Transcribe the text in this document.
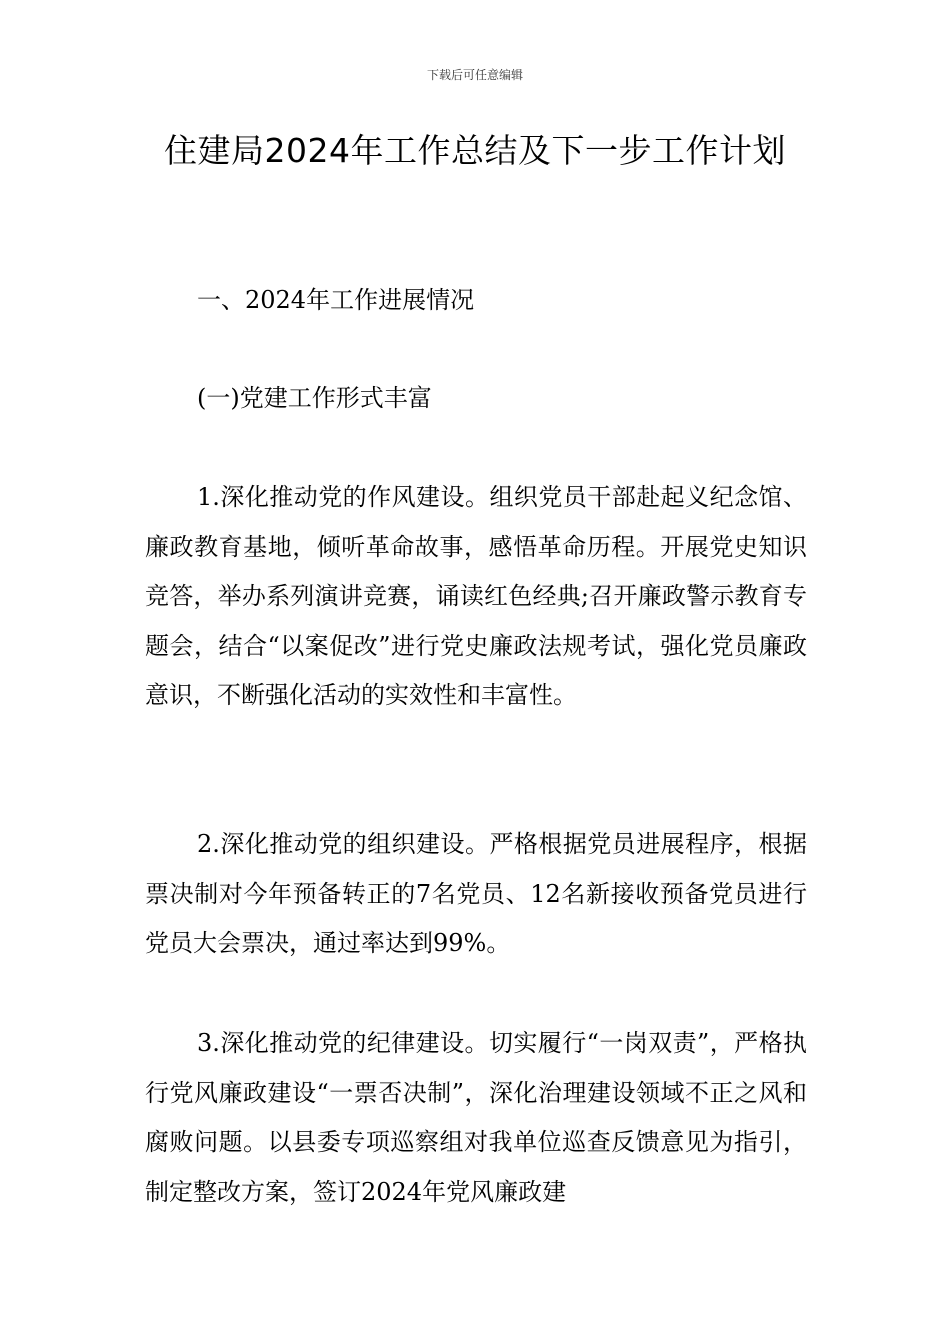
下载后可任意编辑
住建局2024年工作总结及下一步工作计划
一、2024年工作进展情况
(一)党建工作形式丰富

1.深化推动党的作风建设。组织党员干部赴起义纪念馆、廉政教育基地，倾听革命故事，感悟革命历程。开展党史知识竞答，举办系列演讲竞赛，诵读红色经典;召开廉政警示教育专题会，结合“以案促改”进行党史廉政法规考试，强化党员廉政意识，不断强化活动的实效性和丰富性。

2.深化推动党的组织建设。严格根据党员进展程序，根据票决制对今年预备转正的7名党员、12名新接收预备党员进行党员大会票决，通过率达到99%。

3.深化推动党的纪律建设。切实履行“一岗双责”，严格执行党风廉政建设“一票否决制”，深化治理建设领域不正之风和腐败问题。以县委专项巡察组对我单位巡查反馈意见为指引，制定整改方案，签订2024年党风廉政建
